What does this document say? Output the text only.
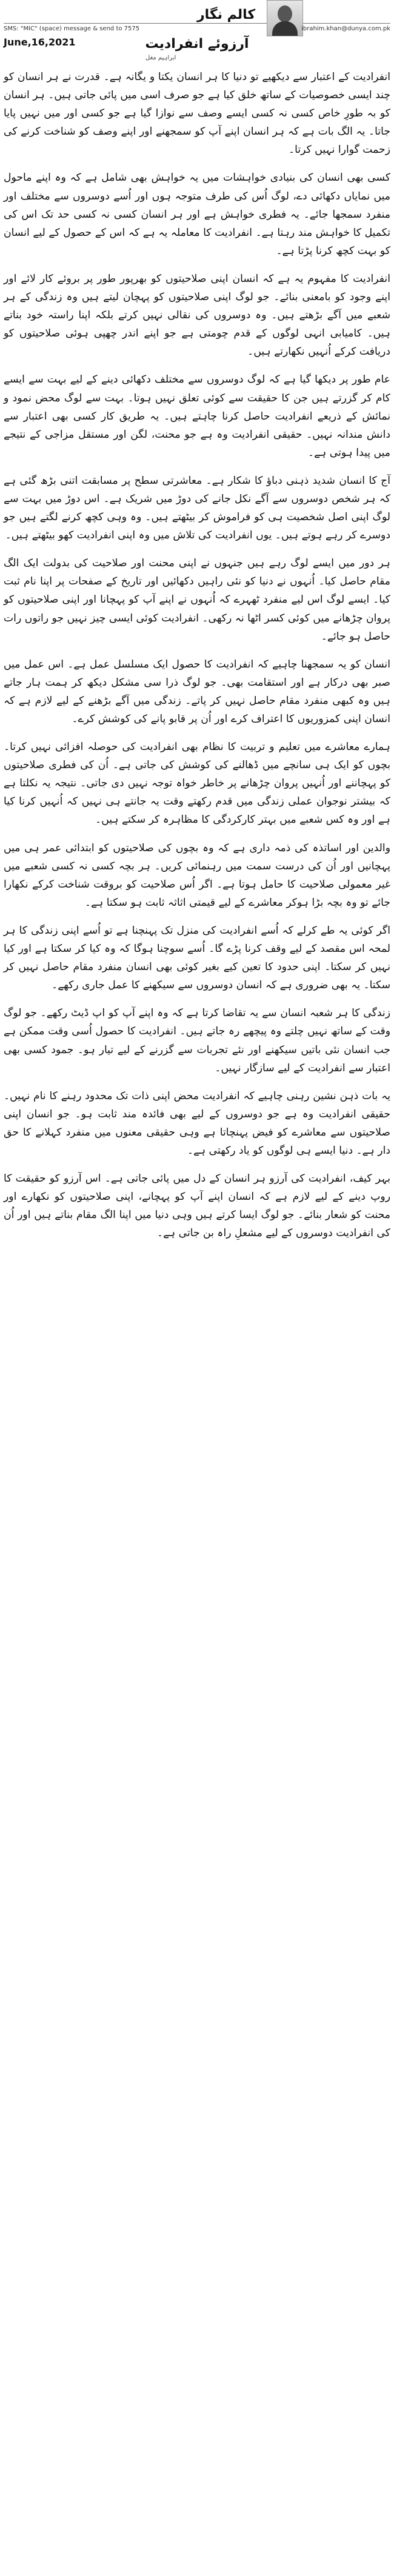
کالم نگار
SMS: "MIC" (space) message & send to 7575	ibrahim.khan@dunya.com.pk
June,16,2021	آرزوئے انفرادیت
ابراہیم مغل

انفرادیت کے اعتبار سے دیکھیے تو دنیا کا ہر انسان یکتا و یگانہ ہے۔ قدرت نے ہر انسان کو چند ایسی خصوصیات کے ساتھ خلق کیا ہے جو صرف اسی میں پائی جاتی ہیں۔ ہر انسان کو بہ طورِ خاص کسی نہ کسی ایسے وصف سے نوازا گیا ہے جو کسی اور میں نہیں پایا جاتا۔ یہ الگ بات ہے کہ ہر انسان اپنے آپ کو سمجھنے اور اپنے وصف کو شناخت کرنے کی زحمت گوارا نہیں کرتا۔

کسی بھی انسان کی بنیادی خواہشات میں یہ خواہش بھی شامل ہے کہ وہ اپنے ماحول میں نمایاں دکھائی دے، لوگ اُس کی طرف متوجہ ہوں اور اُسے دوسروں سے مختلف اور منفرد سمجھا جائے۔ یہ فطری خواہش ہے اور ہر انسان کسی نہ کسی حد تک اس کی تکمیل کا خواہش مند رہتا ہے۔ انفرادیت کا معاملہ یہ ہے کہ اس کے حصول کے لیے انسان کو بہت کچھ کرنا پڑتا ہے۔

انفرادیت کا مفہوم یہ ہے کہ انسان اپنی صلاحیتوں کو بھرپور طور پر بروئے کار لائے اور اپنے وجود کو بامعنی بنائے۔ جو لوگ اپنی صلاحیتوں کو پہچان لیتے ہیں وہ زندگی کے ہر شعبے میں آگے بڑھتے ہیں۔ وہ دوسروں کی نقالی نہیں کرتے بلکہ اپنا راستہ خود بناتے ہیں۔ کامیابی انہی لوگوں کے قدم چومتی ہے جو اپنے اندر چھپی ہوئی صلاحیتوں کو دریافت کرکے اُنہیں نکھارتے ہیں۔

عام طور پر دیکھا گیا ہے کہ لوگ دوسروں سے مختلف دکھائی دینے کے لیے بہت سے ایسے کام کر گزرتے ہیں جن کا حقیقت سے کوئی تعلق نہیں ہوتا۔ بہت سے لوگ محض نمود و نمائش کے ذریعے انفرادیت حاصل کرنا چاہتے ہیں۔ یہ طریق کار کسی بھی اعتبار سے دانش مندانہ نہیں۔ حقیقی انفرادیت وہ ہے جو محنت، لگن اور مستقل مزاجی کے نتیجے میں پیدا ہوتی ہے۔

آج کا انسان شدید ذہنی دباؤ کا شکار ہے۔ معاشرتی سطح پر مسابقت اتنی بڑھ گئی ہے کہ ہر شخص دوسروں سے آگے نکل جانے کی دوڑ میں شریک ہے۔ اس دوڑ میں بہت سے لوگ اپنی اصل شخصیت ہی کو فراموش کر بیٹھتے ہیں۔ وہ وہی کچھ کرنے لگتے ہیں جو دوسرے کر رہے ہوتے ہیں۔ یوں انفرادیت کی تلاش میں وہ اپنی انفرادیت کھو بیٹھتے ہیں۔

ہر دور میں ایسے لوگ رہے ہیں جنہوں نے اپنی محنت اور صلاحیت کی بدولت ایک الگ مقام حاصل کیا۔ اُنہوں نے دنیا کو نئی راہیں دکھائیں اور تاریخ کے صفحات پر اپنا نام ثبت کیا۔ ایسے لوگ اس لیے منفرد ٹھہرے کہ اُنہوں نے اپنے آپ کو پہچانا اور اپنی صلاحیتوں کو پروان چڑھانے میں کوئی کسر اٹھا نہ رکھی۔ انفرادیت کوئی ایسی چیز نہیں جو راتوں رات حاصل ہو جائے۔

انسان کو یہ سمجھنا چاہیے کہ انفرادیت کا حصول ایک مسلسل عمل ہے۔ اس عمل میں صبر بھی درکار ہے اور استقامت بھی۔ جو لوگ ذرا سی مشکل دیکھ کر ہمت ہار جاتے ہیں وہ کبھی منفرد مقام حاصل نہیں کر پاتے۔ زندگی میں آگے بڑھنے کے لیے لازم ہے کہ انسان اپنی کمزوریوں کا اعتراف کرے اور اُن پر قابو پانے کی کوشش کرے۔

ہمارے معاشرے میں تعلیم و تربیت کا نظام بھی انفرادیت کی حوصلہ افزائی نہیں کرتا۔ بچوں کو ایک ہی سانچے میں ڈھالنے کی کوشش کی جاتی ہے۔ اُن کی فطری صلاحیتوں کو پہچاننے اور اُنہیں پروان چڑھانے پر خاطر خواہ توجہ نہیں دی جاتی۔ نتیجہ یہ نکلتا ہے کہ بیشتر نوجوان عملی زندگی میں قدم رکھتے وقت یہ جانتے ہی نہیں کہ اُنہیں کرنا کیا ہے اور وہ کس شعبے میں بہتر کارکردگی کا مظاہرہ کر سکتے ہیں۔

والدین اور اساتذہ کی ذمہ داری ہے کہ وہ بچوں کی صلاحیتوں کو ابتدائی عمر ہی میں پہچانیں اور اُن کی درست سمت میں رہنمائی کریں۔ ہر بچہ کسی نہ کسی شعبے میں غیر معمولی صلاحیت کا حامل ہوتا ہے۔ اگر اُس صلاحیت کو بروقت شناخت کرکے نکھارا جائے تو وہ بچہ بڑا ہوکر معاشرے کے لیے قیمتی اثاثہ ثابت ہو سکتا ہے۔

اگر کوئی یہ طے کرلے کہ اُسے انفرادیت کی منزل تک پہنچنا ہے تو اُسے اپنی زندگی کا ہر لمحہ اس مقصد کے لیے وقف کرنا پڑے گا۔ اُسے سوچنا ہوگا کہ وہ کیا کر سکتا ہے اور کیا نہیں کر سکتا۔ اپنی حدود کا تعین کیے بغیر کوئی بھی انسان منفرد مقام حاصل نہیں کر سکتا۔ یہ بھی ضروری ہے کہ انسان دوسروں سے سیکھنے کا عمل جاری رکھے۔

زندگی کا ہر شعبہ انسان سے یہ تقاضا کرتا ہے کہ وہ اپنے آپ کو اپ ڈیٹ رکھے۔ جو لوگ وقت کے ساتھ نہیں چلتے وہ پیچھے رہ جاتے ہیں۔ انفرادیت کا حصول اُسی وقت ممکن ہے جب انسان نئی باتیں سیکھنے اور نئے تجربات سے گزرنے کے لیے تیار ہو۔ جمود کسی بھی اعتبار سے انفرادیت کے لیے سازگار نہیں۔

یہ بات ذہن نشین رہنی چاہیے کہ انفرادیت محض اپنی ذات تک محدود رہنے کا نام نہیں۔ حقیقی انفرادیت وہ ہے جو دوسروں کے لیے بھی فائدہ مند ثابت ہو۔ جو انسان اپنی صلاحیتوں سے معاشرے کو فیض پہنچاتا ہے وہی حقیقی معنوں میں منفرد کہلانے کا حق دار ہے۔ دنیا ایسے ہی لوگوں کو یاد رکھتی ہے۔

بہر کیف، انفرادیت کی آرزو ہر انسان کے دل میں پائی جاتی ہے۔ اس آرزو کو حقیقت کا روپ دینے کے لیے لازم ہے کہ انسان اپنے آپ کو پہچانے، اپنی صلاحیتوں کو نکھارے اور محنت کو شعار بنائے۔ جو لوگ ایسا کرتے ہیں وہی دنیا میں اپنا الگ مقام بناتے ہیں اور اُن کی انفرادیت دوسروں کے لیے مشعلِ راہ بن جاتی ہے۔
